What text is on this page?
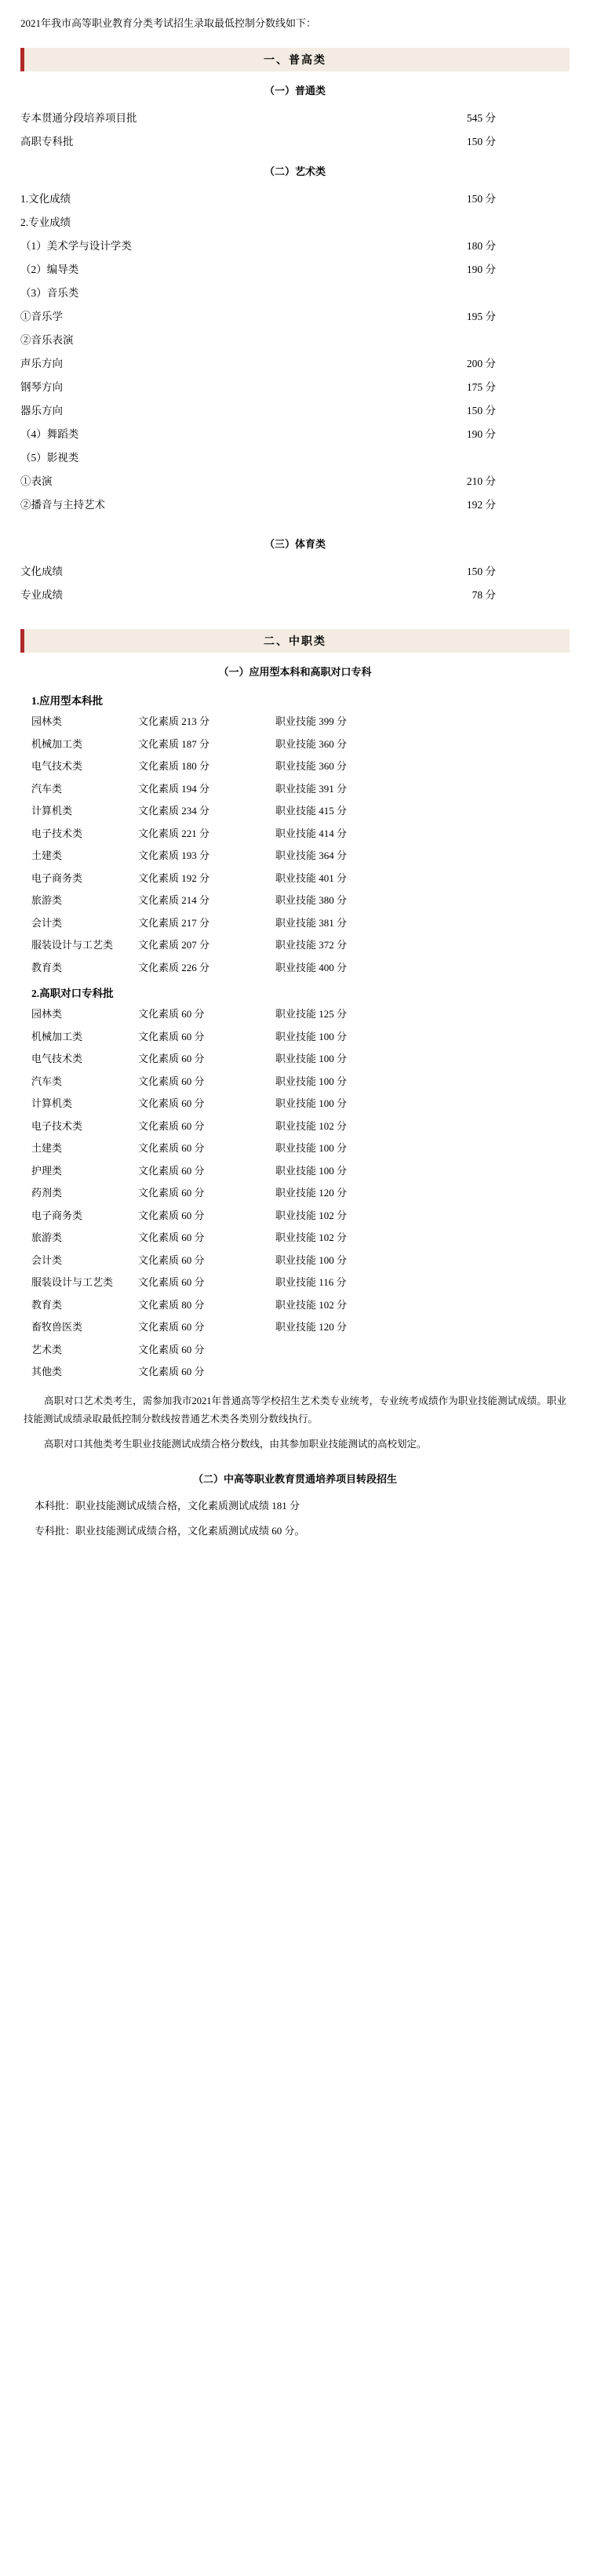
2021年我市高等职业教育分类考试招生录取最低控制分数线如下：
一、普高类
（一）普通类
专本贯通分段培养项目批	545 分
高职专科批	150 分
（二）艺术类
1.文化成绩	150 分
2.专业成绩
（1）美术学与设计学类	180 分
（2）编导类	190 分
（3）音乐类
①音乐学	195 分
②音乐表演
声乐方向	200 分
钢琴方向	175 分
器乐方向	150 分
（4）舞蹈类	190 分
（5）影视类
①表演	210 分
②播音与主持艺术	192 分
（三）体育类
文化成绩	150 分
专业成绩	78 分
二、中职类
（一）应用型本科和高职对口专科
1.应用型本科批
园林类	文化素质 213 分	职业技能 399 分
机械加工类	文化素质 187 分	职业技能 360 分
电气技术类	文化素质 180 分	职业技能 360 分
汽车类	文化素质 194 分	职业技能 391 分
计算机类	文化素质 234 分	职业技能 415 分
电子技术类	文化素质 221 分	职业技能 414 分
土建类	文化素质 193 分	职业技能 364 分
电子商务类	文化素质 192 分	职业技能 401 分
旅游类	文化素质 214 分	职业技能 380 分
会计类	文化素质 217 分	职业技能 381 分
服装设计与工艺类 文化素质 207 分	职业技能 372 分
教育类	文化素质 226 分	职业技能 400 分
2.高职对口专科批
园林类	文化素质 60 分	职业技能 125 分
机械加工类	文化素质 60 分	职业技能 100 分
电气技术类	文化素质 60 分	职业技能 100 分
汽车类	文化素质 60 分	职业技能 100 分
计算机类	文化素质 60 分	职业技能 100 分
电子技术类	文化素质 60 分	职业技能 102 分
土建类	文化素质 60 分	职业技能 100 分
护理类	文化素质 60 分	职业技能 100 分
药剂类	文化素质 60 分	职业技能 120 分
电子商务类	文化素质 60 分	职业技能 102 分
旅游类	文化素质 60 分	职业技能 102 分
会计类	文化素质 60 分	职业技能 100 分
服装设计与工艺类 文化素质 60 分	职业技能 116 分
教育类	文化素质 80 分	职业技能 102 分
畜牧兽医类	文化素质 60 分	职业技能 120 分
艺术类	文化素质 60 分
其他类	文化素质 60 分
高职对口艺术类考生，需参加我市2021年普通高等学校招生艺术类专业统考，专业统考成绩作为职业技能测试成绩。职业技能测试成绩录取最低控制分数线按普通艺术类各类别分数线执行。
高职对口其他类考生职业技能测试成绩合格分数线，由其参加职业技能测试的高校划定。
（二）中高等职业教育贯通培养项目转段招生
本科批：职业技能测试成绩合格，文化素质测试成绩 181 分
专科批：职业技能测试成绩合格，文化素质测试成绩 60 分。
